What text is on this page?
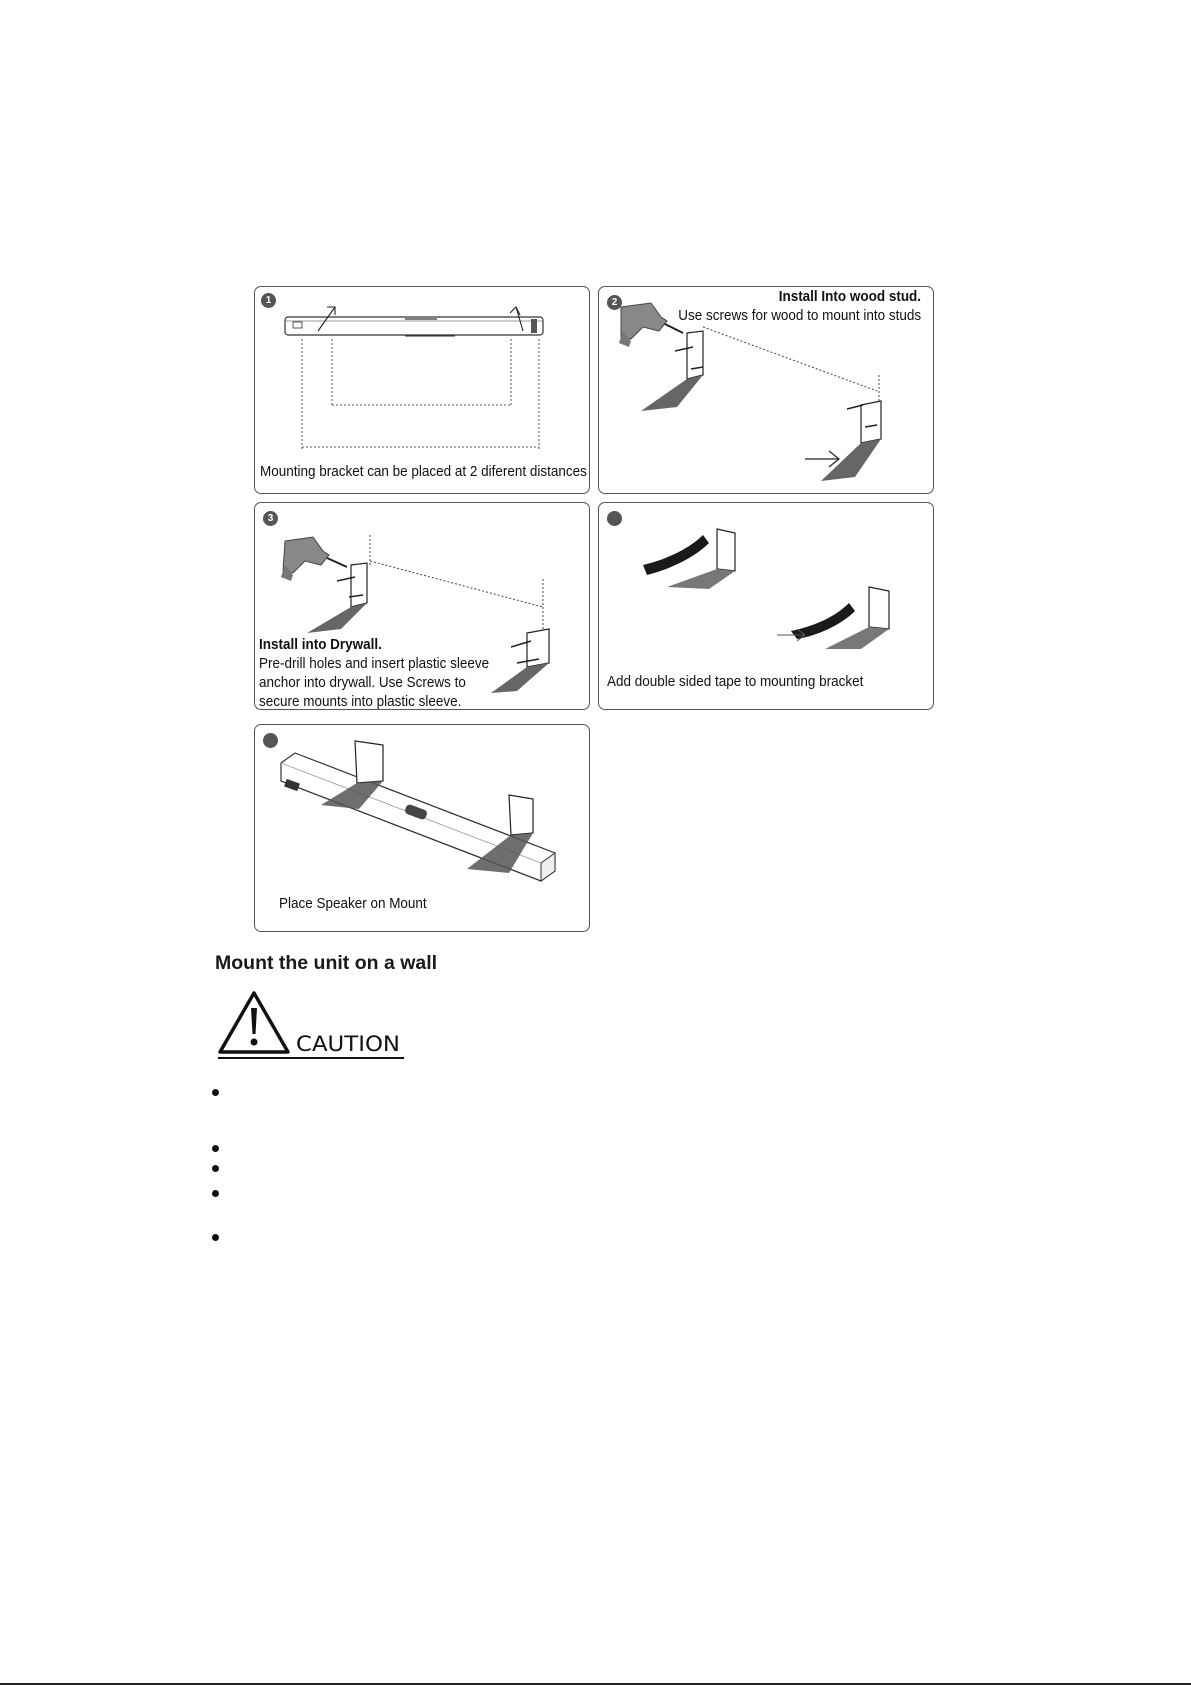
1
Mounting bracket can be placed at 2 diferent distances
2	Install Into wood stud.
Use screws for wood to mount into studs
3
Install into Drywall.
Pre-drill holes and insert plastic sleeve
anchor into drywall. Use Screws to
secure mounts into plastic sleeve.
Add double sided tape to mounting bracket
Place Speaker on Mount
Mount the unit on a wall
CAUTION
